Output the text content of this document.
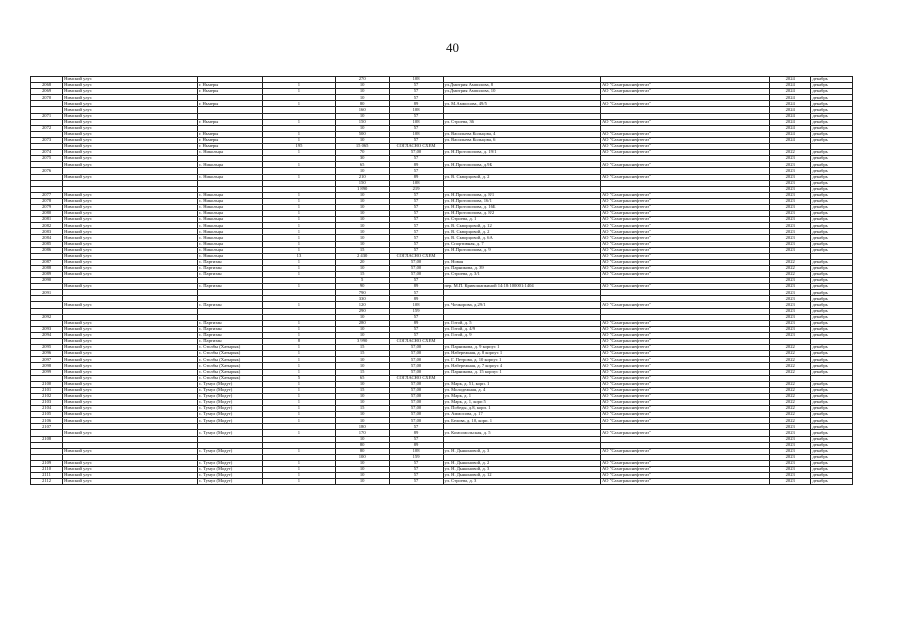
40
	Нимский улус			270	108			2024	декабрь
2068	Нимский улус	г. Ньмеры	1	10	57	ул.Дмитрия Ампилова, 8	АО "Сахатранснефтегаз"	2024	декабрь
2069	Нимский улус	г. Ньмеры	1	10	57	ул.Дмитрия Ампилова, 10	АО "Сахатранснефтегаз"	2024	декабрь
2070	Нимский улус			10	57			2024	декабрь
	Нимский улус	г. Ньмеры	1	80	89	ул. М.Аммосова, 49/5	АО "Сахатранснефтегаз"	2024	декабрь
	Нимский улус			160	108			2024	декабрь
2071	Нимский улус			10	57			2024	декабрь
	Нимский улус	г. Ньмеры	1	150	108	ул. Строева, 36	АО "Сахатранснефтегаз"	2024	декабрь
2072	Нимский улус			10	57			2024	декабрь
	Нимский улус	г. Ньмеры	1	500	108	ул. Васильева Кольцова, 4	АО "Сахатранснефтегаз"	2024	декабрь
2073	Нимский улус	г. Ньмеры	1	10	57	ул. Васильева Кольцова, 6	АО "Сахатранснефтегаз"	2024	декабрь
	Нимский улус	г. Ньмеры	195	15 065	СОГЛАСНО СХЕМ		АО "Сахатранснефтегаз"		
2074	Нимский улус	с. Никольцы	1	70	57,00	ул. Н.Протопопова, д. 19/1	АО "Сахатранснефтегаз"	2022	декабрь
2075	Нимский улус			30	57			2023	декабрь
	Нимский улус	с. Никольцы	1	65	89	ул. Н.Протопопова, д.9Б	АО "Сахатранснефтегаз"	2023	декабрь
2076				10	57			2023	декабрь
	Нимский улус	с. Никольцы	1	210	89	ул. В. Скворцовой, д. 2	АО "Сахатранснефтегаз"	2023	декабрь
				150	108			2023	декабрь
				1 890	219			2023	декабрь
2077	Нимский улус	с. Никольцы	1	10	57	ул. Н.Протопопова, д. 8/1	АО "Сахатранснефтегаз"	2023	декабрь
2078	Нимский улус	с. Никольцы	1	10	57	ул. Н.Протопопова, 16/1	АО "Сахатранснефтегаз"	2023	декабрь
2079	Нимский улус	с. Никольцы	1	10	57	ул. Н.Протопопова, д. 16Б	АО "Сахатранснефтегаз"	2023	декабрь
2080	Нимский улус	с. Никольцы	1	10	57	ул. Н.Протопопова, д. 8/2	АО "Сахатранснефтегаз"	2023	декабрь
2081	Нимский улус	с. Никольцы	1	10	57	ул. Строева, д. 1	АО "Сахатранснефтегаз"	2023	декабрь
2082	Нимский улус	с. Никольцы	1	10	57	ул. В. Скворцовой, д. 12	АО "Сахатранснефтегаз"	2023	декабрь
2083	Нимский улус	с. Никольцы	1	10	57	ул. В. Скворцовой, д. 2	АО "Сахатранснефтегаз"	2023	декабрь
2084	Нимский улус	с. Никольцы	1	10	57	ул. В. Скворцовой, д. 6А	АО "Сахатранснефтегаз"	2023	декабрь
2085	Нимский улус	с. Никольцы	1	10	57	ул. Спортивная, д. 7	АО "Сахатранснефтегаз"	2023	декабрь
2086	Нимский улус	с. Никольцы	1	15	57	ул. Н.Протопопова, д. 9	АО "Сахатранснефтегаз"	2023	декабрь
	Нимский улус	с. Никольцы	13	2 430	СОГЛАСНО СХЕМ		АО "Сахатранснефтегаз"		
2087	Нимский улус	с. Партизан	1	20	57,00	ул. Новая	АО "Сахатранснефтегаз"	2022	декабрь
2088	Нимский улус	с. Партизан	1	10	57,00	ул. Парникова, д. 39	АО "Сахатранснефтегаз"	2022	декабрь
2089	Нимский улус	с. Партизан	1	15	57,00	ул. Строева, д. 3/1	АО "Сахатранснефтегаз"	2022	декабрь
2090				5	57			2023	декабрь
	Нимский улус	с. Партизан	1	90	89	пер. М.П. Кривошапкиной 14:18:100001:1404	АО "Сахатранснефтегаз"	2023	декабрь
2091				790	57			2023	декабрь
				330	89			2023	декабрь
	Нимский улус	с. Партизан	1	120	108	ул. Чочкорова, д.29/1	АО "Сахатранснефтегаз"	2023	декабрь
				290	159			2023	декабрь
2092				10	57			2023	декабрь
	Нимский улус	с. Партизан	1	280	89	ул. Готой, д. 5	АО "Сахатранснефтегаз"	2023	декабрь
2093	Нимский улус	с. Партизан	1	10	57	ул. Готой, д. 4/9	АО "Сахатранснефтегаз"	2023	декабрь
2094	Нимский улус	с. Партизан	1	10	57	ул. Готой, д. 9	АО "Сахатранснефтегаз"	2023	декабрь
	Нимский улус	с. Партизан	8	3 990	СОГЛАСНО СХЕМ		АО "Сахатранснефтегаз"		
2095	Нимский улус	с. Столбы (Хатырык)	1	15	57,00	ул. Парникова, д. 9 корпус 1	АО "Сахатранснефтегаз"	2022	декабрь
2096	Нимский улус	с. Столбы (Хатырык)	1	15	57,00	ул. Набережная, д. 8 корпус 1	АО "Сахатранснефтегаз"	2022	декабрь
2097	Нимский улус	с. Столбы (Хатырык)	1	10	57,00	ул. Г. Петрова, д. 10 корпус 1	АО "Сахатранснефтегаз"	2022	декабрь
2098	Нимский улус	с. Столбы (Хатырык)	1	10	57,00	ул. Набережная, д. 7 корпус 4	АО "Сахатранснефтегаз"	2022	декабрь
2099	Нимский улус	с. Столбы (Хатырык)	1	15	57,00	ул. Парникова, д. 15 корпус 1	АО "Сахатранснефтегаз"	2022	декабрь
	Нимский улус	с. Столбы (Хатырык)	5	65	СОГЛАСНО СХЕМ		АО "Сахатранснефтегаз"		
2100	Нимский улус	с. Тумул (Модут)	1	10	57,00	ул. Марк, д. 51, корп. 1	АО "Сахатранснефтегаз"	2022	декабрь
2101	Нимский улус	с. Тумул (Модут)	1	15	57,00	ул. Молодежная, д. 4	АО "Сахатранснефтегаз"	2022	декабрь
2102	Нимский улус	с. Тумул (Модут)	1	10	57,00	ул. Марк, д. 1	АО "Сахатранснефтегаз"	2022	декабрь
2103	Нимский улус	с. Тумул (Модут)	1	10	57,00	ул. Марк, д. 1, корп 5	АО "Сахатранснефтегаз"	2022	декабрь
2104	Нимский улус	с. Тумул (Модут)	1	15	57,00	ул. Победы, д.8, корп. 1	АО "Сахатранснефтегаз"	2022	декабрь
2105	Нимский улус	с. Тумул (Модут)	1	10	57,00	ул. Аммосова, д. 17	АО "Сахатранснефтегаз"	2022	декабрь
2106	Нимский улус	с. Тумул (Модут)	1	10	57,00	ул. Белова, д. 10, корп. 1	АО "Сахатранснефтегаз"	2022	декабрь
2107				180	57			2023	декабрь
	Нимский улус	с. Тумул (Модут)	1	170	89	ул. Комсомольская, д. 5	АО "Сахатранснефтегаз"	2023	декабрь
2108				10	57			2023	декабрь
				80	89			2023	декабрь
	Нимский улус	с. Тумул (Модут)	1	80	108	ул. Н. Дьяконовой, д. 3	АО "Сахатранснефтегаз"	2023	декабрь
				100	159			2023	декабрь
2109	Нимский улус	с. Тумул (Модут)	1	10	57	ул. Н. Дьяконовой, д. 2	АО "Сахатранснефтегаз"	2023	декабрь
2110	Нимский улус	с. Тумул (Модут)	1	10	57	ул. Н. Дьяконовой, д. 3	АО "Сахатранснефтегаз"	2023	декабрь
2111	Нимский улус	с. Тумул (Модут)	1	10	57	ул. Н. Дьяконовой, д. 12	АО "Сахатранснефтегаз"	2023	декабрь
2112	Нимский улус	с. Тумул (Модут)	1	10	57	ул. Строева, д. 3	АО "Сахатранснефтегаз"	2023	декабрь
